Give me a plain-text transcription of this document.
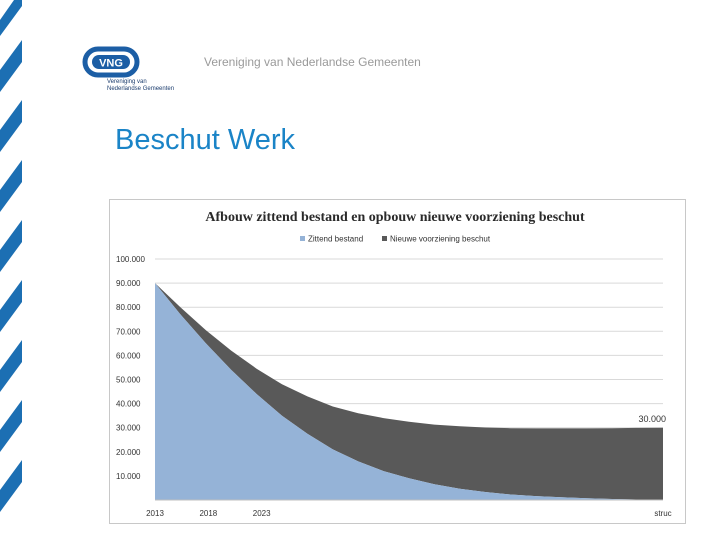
VNG
Vereniging van
Nederlandse Gemeenten
Vereniging van Nederlandse Gemeenten
Beschut Werk
10.000
20.000
30.000
40.000
50.000
60.000
70.000
80.000
90.000
100.000
2013	2018	2023	struc
Afbouw zittend bestand en opbouw nieuwe voorziening beschut
Zittend bestand	Nieuwe voorziening beschut
30.000
